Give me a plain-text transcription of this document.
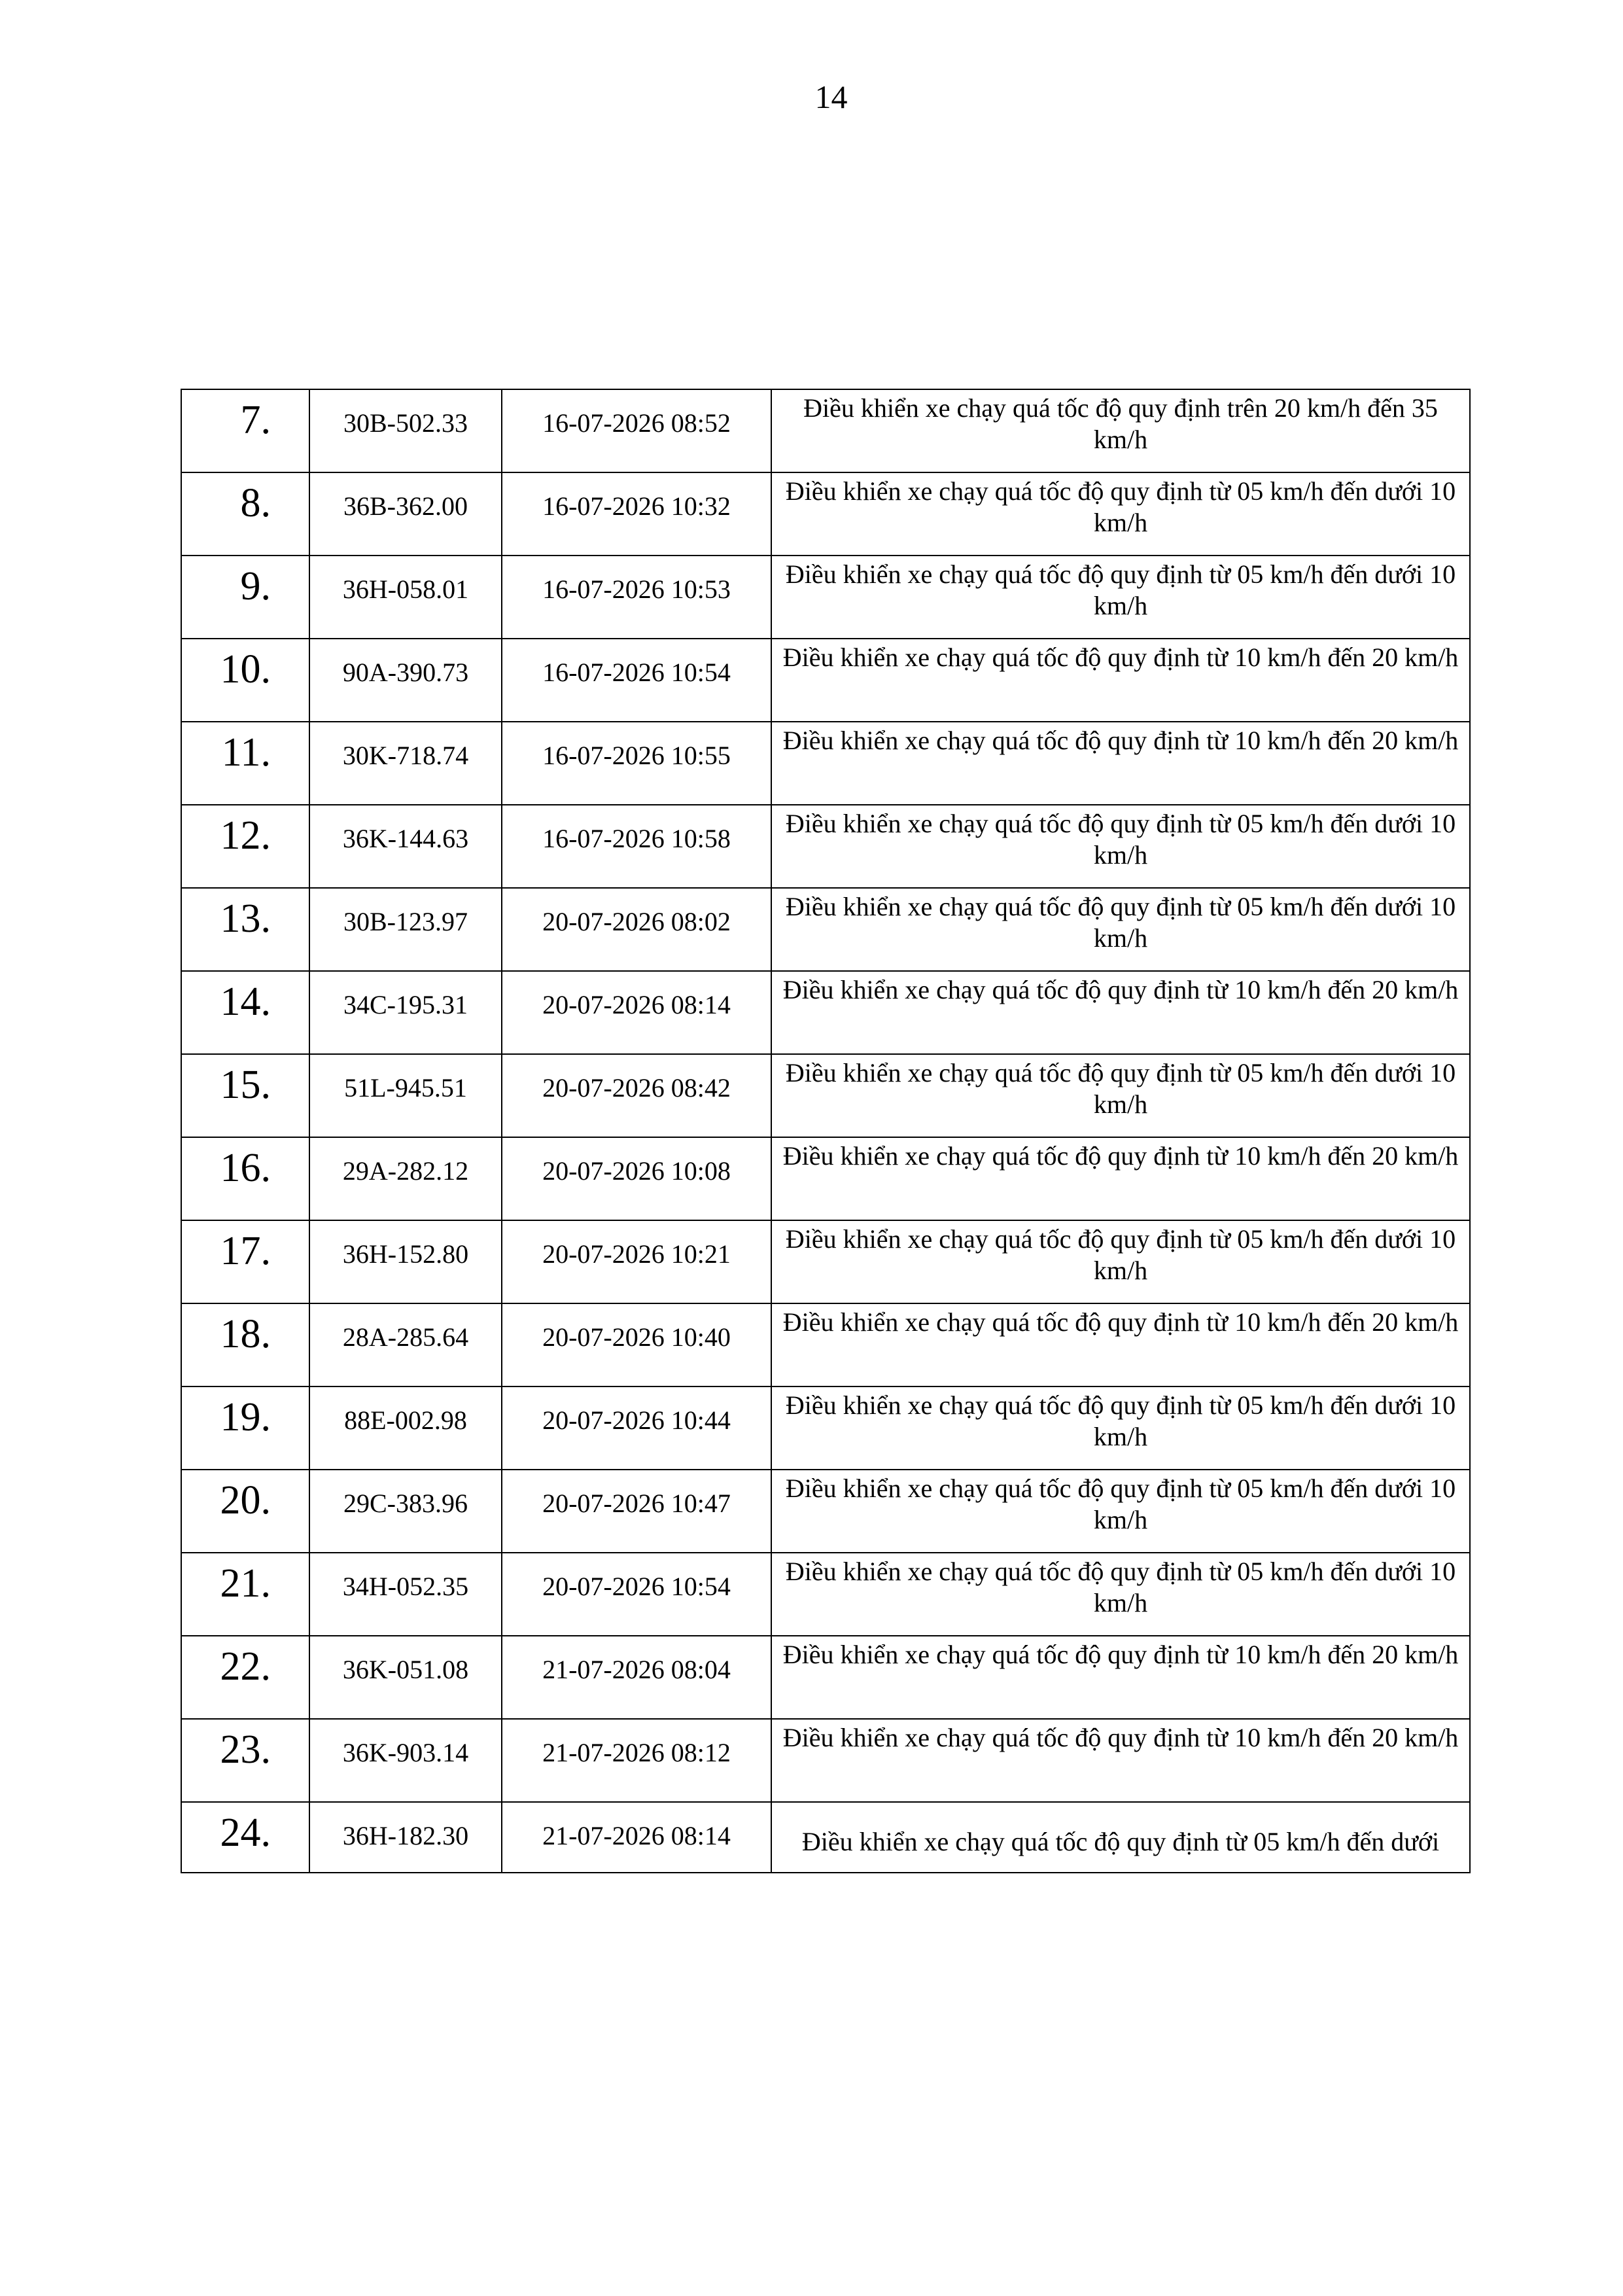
14
7.	30B-502.33	16-07-2026 08:52	Điều khiển xe chạy quá tốc độ quy định trên 20 km/h đến 35 km/h

8.	36B-362.00	16-07-2026 10:32	Điều khiển xe chạy quá tốc độ quy định từ 05 km/h đến dưới 10 km/h

9.	36H-058.01	16-07-2026 10:53	Điều khiển xe chạy quá tốc độ quy định từ 05 km/h đến dưới 10 km/h

10.	90A-390.73	16-07-2026 10:54	Điều khiển xe chạy quá tốc độ quy định từ 10 km/h đến 20 km/h

11.	30K-718.74	16-07-2026 10:55	Điều khiển xe chạy quá tốc độ quy định từ 10 km/h đến 20 km/h

12.	36K-144.63	16-07-2026 10:58	Điều khiển xe chạy quá tốc độ quy định từ 05 km/h đến dưới 10 km/h

13.	30B-123.97	20-07-2026 08:02	Điều khiển xe chạy quá tốc độ quy định từ 05 km/h đến dưới 10 km/h

14.	34C-195.31	20-07-2026 08:14	Điều khiển xe chạy quá tốc độ quy định từ 10 km/h đến 20 km/h

15.	51L-945.51	20-07-2026 08:42	Điều khiển xe chạy quá tốc độ quy định từ 05 km/h đến dưới 10 km/h

16.	29A-282.12	20-07-2026 10:08	Điều khiển xe chạy quá tốc độ quy định từ 10 km/h đến 20 km/h

17.	36H-152.80	20-07-2026 10:21	Điều khiển xe chạy quá tốc độ quy định từ 05 km/h đến dưới 10 km/h

18.	28A-285.64	20-07-2026 10:40	Điều khiển xe chạy quá tốc độ quy định từ 10 km/h đến 20 km/h

19.	88E-002.98	20-07-2026 10:44	Điều khiển xe chạy quá tốc độ quy định từ 05 km/h đến dưới 10 km/h

20.	29C-383.96	20-07-2026 10:47	Điều khiển xe chạy quá tốc độ quy định từ 05 km/h đến dưới 10 km/h

21.	34H-052.35	20-07-2026 10:54	Điều khiển xe chạy quá tốc độ quy định từ 05 km/h đến dưới 10 km/h

22.	36K-051.08	21-07-2026 08:04	Điều khiển xe chạy quá tốc độ quy định từ 10 km/h đến 20 km/h

23.	36K-903.14	21-07-2026 08:12	Điều khiển xe chạy quá tốc độ quy định từ 10 km/h đến 20 km/h

24.	36H-182.30	21-07-2026 08:14	Điều khiển xe chạy quá tốc độ quy định từ 05 km/h đến dưới
